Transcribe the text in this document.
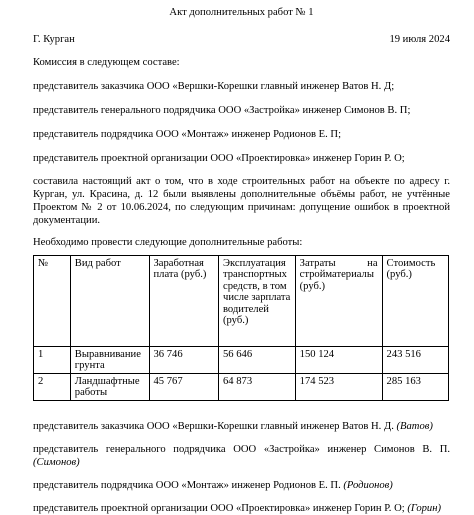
Акт дополнительных работ № 1
Г. Курган	19 июля 2024
Комиссия в следующем составе:
представитель заказчика ООО «Вершки-Корешки главный инженер Ватов Н. Д;
представитель генерального подрядчика ООО «Застройка» инженер Симонов В. П;
представитель подрядчика ООО «Монтаж» инженер Родионов Е. П;
представитель проектной организации ООО «Проектировка» инженер Горин Р. О;
составила настоящий акт о том, что в ходе строительных работ на объекте по адресу г. Курган, ул. Красина, д. 12 были выявлены дополнительные объёмы работ, не учтённые Проектом № 2 от 10.06.2024, по следующим причинам: допущение ошибок в проектной документации.
Необходимо провести следующие дополнительные работы:
№	Вид работ	Заработная плата (руб.)	Эксплуатация транспортных средств, в том числе зарплата водителей (руб.)	Затраты на стройматериалы (руб.)	Стоимость (руб.)
1	Выравнивание грунта	36 746	56 646	150 124	243 516
2	Ландшафтные работы	45 767	64 873	174 523	285 163
представитель заказчика ООО «Вершки-Корешки главный инженер Ватов Н. Д. (Ватов)
представитель генерального подрядчика ООО «Застройка» инженер Симонов В. П. (Симонов)
представитель подрядчика ООО «Монтаж» инженер Родионов Е. П. (Родионов)
представитель проектной организации ООО «Проектировка» инженер Горин Р. О; (Горин)
